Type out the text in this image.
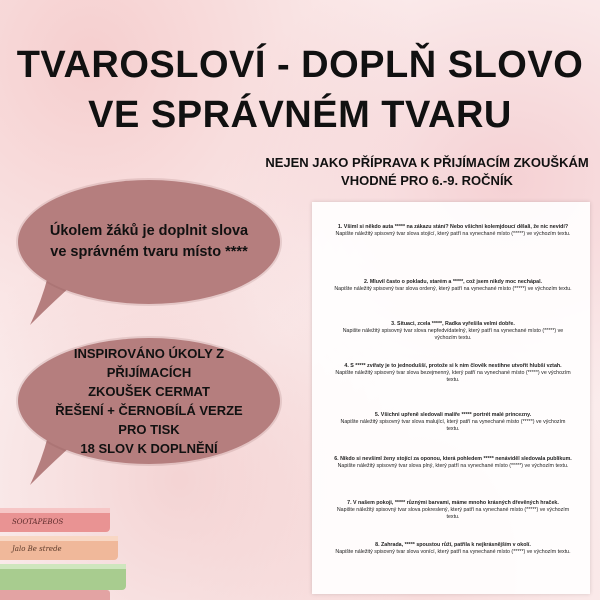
TVAROSLOVÍ - DOPLŇ SLOVO
VE SPRÁVNÉM TVARU
NEJEN JAKO PŘÍPRAVA K PŘIJÍMACÍM ZKOUŠKÁM
VHODNÉ PRO 6.-9. ROČNÍK
Úkolem žáků je doplnit slova ve správném tvaru místo ****
INSPIROVÁNO ÚKOLY Z PŘIJÍMACÍCH
ZKOUŠEK CERMAT
ŘEŠENÍ + ČERNOBÍLÁ VERZE PRO TISK
18 SLOV K DOPLNĚNÍ
1. Všiml si někdo auta ***** na zákazu stání? Nebo všichni kolemjdoucí dělali, že nic nevidí?
Napište náležitý spisovný tvar slova stojící, který patří na vynechané místo (*****) ve výchozím textu.
2. Mluvil často o pokladu, starém a *****, což jsem nikdy moc nechápal.
Napište náležitý spisovný tvar slova ordený, který patří na vynechané místo (*****) ve výchozím textu.
3. Situaci, zcela *****, Radka vyřešila velmi dobře.
Napište náležitý spisovný tvar slova nepředvídatelný, který patří na vynechané místo (*****) ve výchozím textu.
4. S ***** zvířaty je to jednodušší, protože si k nim člověk nestihne utvořit hlubší vztah.
Napište náležitý spisovný tvar slova bezejmenný, který patří na vynechané místo (*****) ve výchozím textu.
5. Všichni upřeně sledovali malíře ***** portrét malé princezny.
Napište náležitý spisovný tvar slova malující, který patří na vynechané místo (*****) ve výchozím textu.
6. Nikdo si nevšiml ženy stojící za oponou, která pohledem ***** nenáviděl sledovala publikum.
Napište náležitý spisovný tvar slova plný, který patří na vynechané místo (*****) ve výchozím textu.
7. V našem pokoji, ***** různými barvami, máme mnoho krásných dřevěných hraček.
Napište náležitý spisovný tvar slova pokreslený, který patří na vynechané místo (*****) ve výchozím textu.
8. Zahrada, ***** spoustou růží, patřila k nejkrásnějším v okolí.
Napište náležitý spisovný tvar slova vonící, který patří na vynechané místo (*****) ve výchozím textu.
SOOTAPEBOS
Jalo Be strede
